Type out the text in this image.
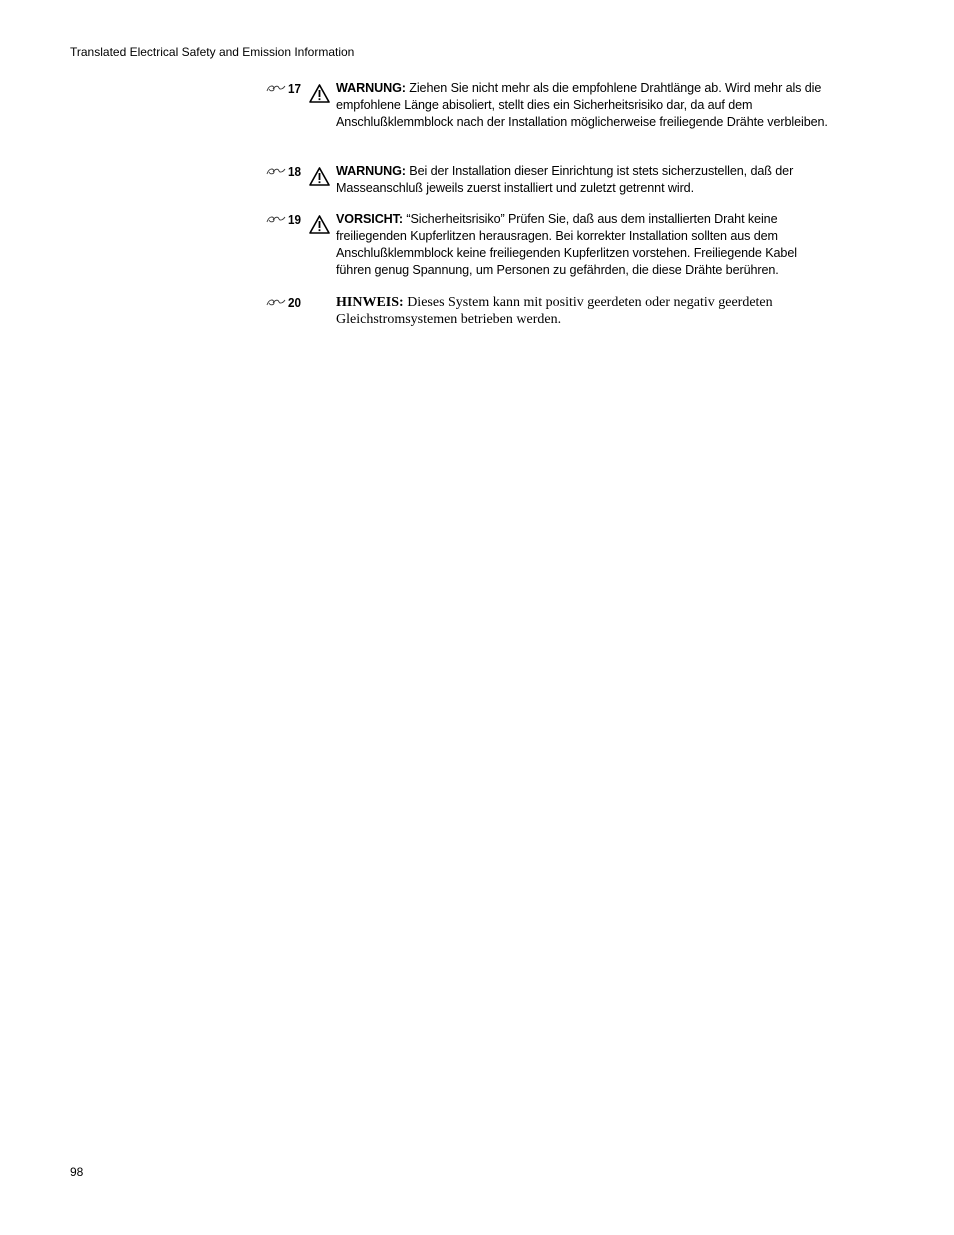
Translated Electrical Safety and Emission Information
17	WARNUNG: Ziehen Sie nicht mehr als die empfohlene Drahtlänge ab. Wird mehr als die empfohlene Länge abisoliert, stellt dies ein Sicherheitsrisiko dar, da auf dem Anschlußklemmblock nach der Installation möglicherweise freiliegende Drähte verbleiben.
18	WARNUNG: Bei der Installation dieser Einrichtung ist stets sicherzustellen, daß der Masseanschluß jeweils zuerst installiert und zuletzt getrennt wird.
19	VORSICHT: “Sicherheitsrisiko” Prüfen Sie, daß aus dem installierten Draht keine freiliegenden Kupferlitzen herausragen. Bei korrekter Installation sollten aus dem Anschlußklemmblock keine freiliegenden Kupferlitzen vorstehen. Freiliegende Kabel führen genug Spannung, um Personen zu gefährden, die diese Drähte berühren.
20 HINWEIS: Dieses System kann mit positiv geerdeten oder negativ geerdeten Gleichstromsystemen betrieben werden.
98
